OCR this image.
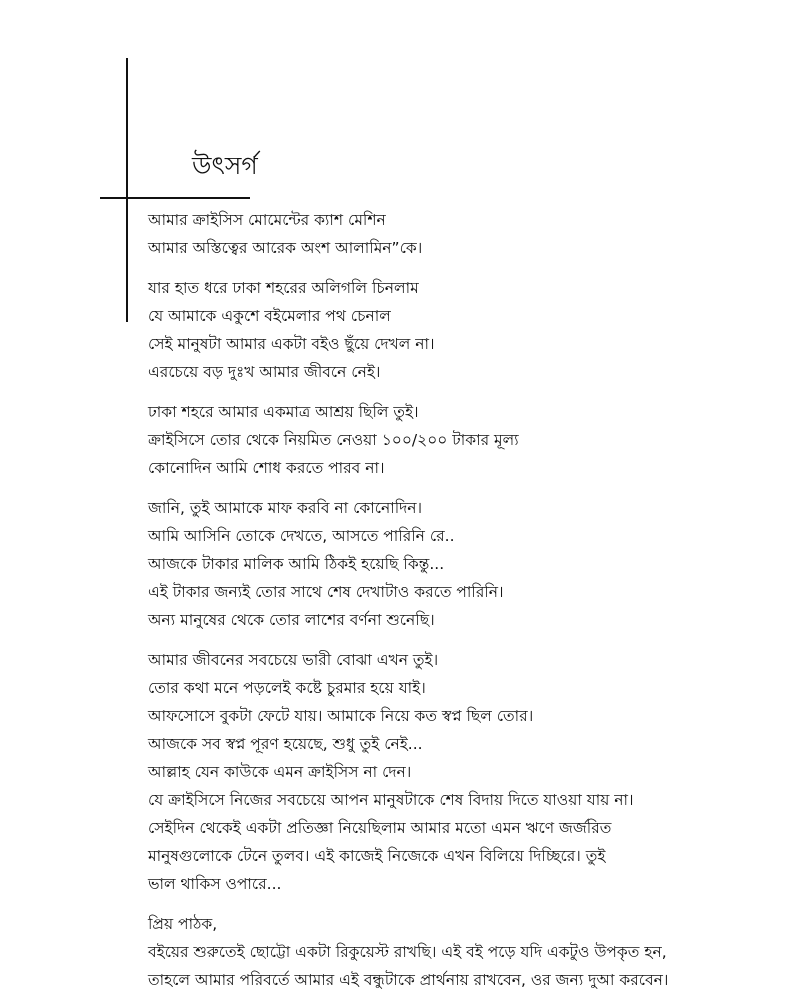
উৎসর্গ
আমার ক্রাইসিস মোমেন্টের ক্যাশ মেশিন
আমার অস্তিত্বের আরেক অংশ আলামিন”কে।
যার হাত ধরে ঢাকা শহরের অলিগলি চিনলাম
যে আমাকে একুশে বইমেলার পথ চেনাল
সেই মানুষটা আমার একটা বইও ছুঁয়ে দেখল না।
এরচেয়ে বড় দুঃখ আমার জীবনে নেই।
ঢাকা শহরে আমার একমাত্র আশ্রয় ছিলি তুই।
ক্রাইসিসে তোর থেকে নিয়মিত নেওয়া ১০০/২০০ টাকার মূল্য
কোনোদিন আমি শোধ করতে পারব না।
জানি, তুই আমাকে মাফ করবি না কোনোদিন।
আমি আসিনি তোকে দেখতে, আসতে পারিনি রে..
আজকে টাকার মালিক আমি ঠিকই হয়েছি কিন্তু...
এই টাকার জন্যই তোর সাথে শেষ দেখাটাও করতে পারিনি।
অন্য মানুষের থেকে তোর লাশের বর্ণনা শুনেছি।
আমার জীবনের সবচেয়ে ভারী বোঝা এখন তুই।
তোর কথা মনে পড়লেই কষ্টে চুরমার হয়ে যাই।
আফসোসে বুকটা ফেটে যায়। আমাকে নিয়ে কত স্বপ্ন ছিল তোর।
আজকে সব স্বপ্ন পূরণ হয়েছে, শুধু তুই নেই...
আল্লাহ যেন কাউকে এমন ক্রাইসিস না দেন।
যে ক্রাইসিসে নিজের সবচেয়ে আপন মানুষটাকে শেষ বিদায় দিতে যাওয়া যায় না।
সেইদিন থেকেই একটা প্রতিজ্ঞা নিয়েছিলাম আমার মতো এমন ঋণে জর্জরিত
মানুষগুলোকে টেনে তুলব। এই কাজেই নিজেকে এখন বিলিয়ে দিচ্ছিরে। তুই
ভাল থাকিস ওপারে...
প্রিয় পাঠক,
বইয়ের শুরুতেই ছোট্টো একটা রিকুয়েস্ট রাখছি। এই বই পড়ে যদি একটুও উপকৃত হন,
তাহলে আমার পরিবর্তে আমার এই বন্ধুটাকে প্রার্থনায় রাখবেন, ওর জন্য দুআ করবেন।
